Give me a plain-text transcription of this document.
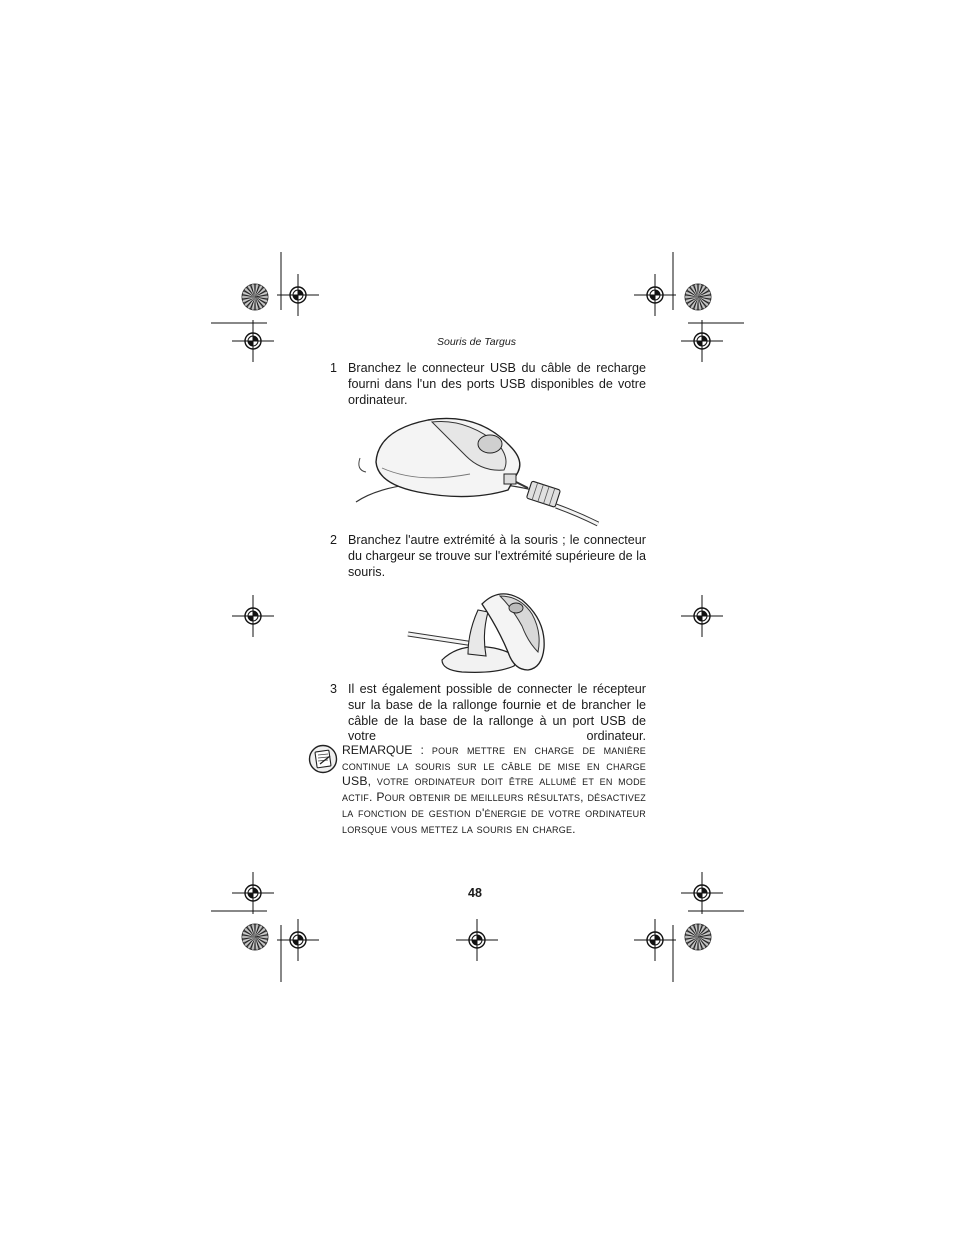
Souris de Targus
1 Branchez le connecteur USB du câble de recharge fourni dans l'un des ports USB disponibles de votre ordinateur.
2 Branchez l'autre extrémité à la souris ; le connecteur du chargeur se trouve sur l'extrémité supérieure de la souris.
3 Il est également possible de connecter le récepteur sur la base de la rallonge fournie et de brancher le câble de la base de la rallonge à un port USB de votre ordinateur.
REMARQUE : pour mettre en charge de manière continue la souris sur le câble de mise en charge USB, votre ordinateur doit être allumé et en mode actif. Pour obtenir de meilleurs résultats, désactivez la fonction de gestion d'énergie de votre ordinateur lorsque vous mettez la souris en charge.
48
